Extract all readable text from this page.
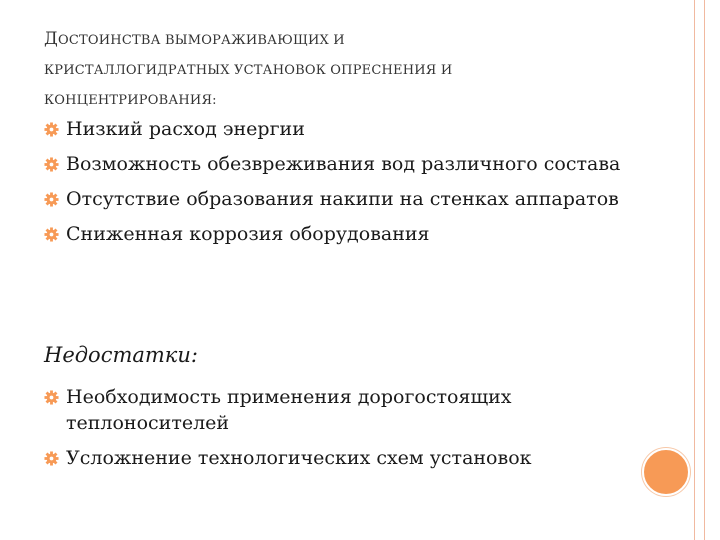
ДОСТОИНСТВА ВЫМОРАЖИВАЮЩИХ И
КРИСТАЛЛОГИДРАТНЫХ УСТАНОВОК ОПРЕСНЕНИЯ И
КОНЦЕНТРИРОВАНИЯ:
Низкий расход энергии
Возможность обезвреживания вод различного состава
Отсутствие образования накипи на стенках аппаратов
Сниженная коррозия оборудования
Недостатки:
Необходимость применения дорогостоящих теплоносителей
Усложнение технологических схем установок
